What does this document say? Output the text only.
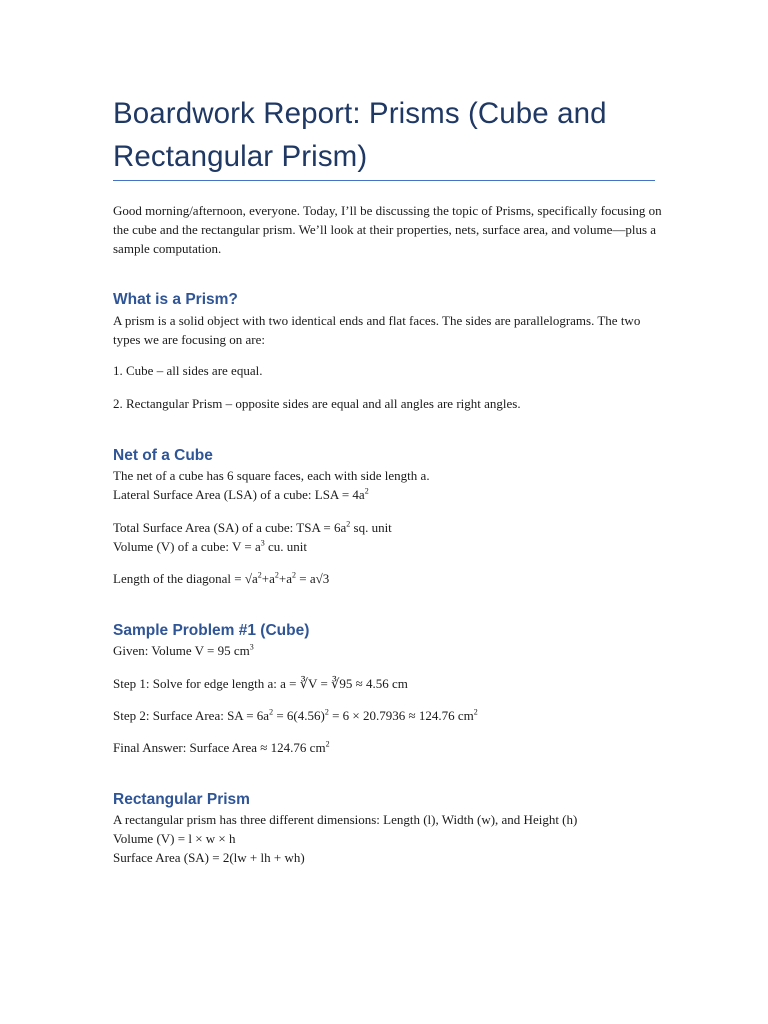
Boardwork Report: Prisms (Cube and Rectangular Prism)
Good morning/afternoon, everyone. Today, I’ll be discussing the topic of Prisms, specifically focusing on the cube and the rectangular prism. We’ll look at their properties, nets, surface area, and volume—plus a sample computation.
What is a Prism?
A prism is a solid object with two identical ends and flat faces. The sides are parallelograms. The two types we are focusing on are:
1. Cube – all sides are equal.
2. Rectangular Prism – opposite sides are equal and all angles are right angles.
Net of a Cube
The net of a cube has 6 square faces, each with side length a.
Lateral Surface Area (LSA) of a cube: LSA = $4a^2$
Total Surface Area (SA) of a cube: TSA = $6a^2$ sq. unit
Volume (V) of a cube: $V = a^3$ cu. unit
Length of the diagonal = $√a^2+a^2+a^2 = a√3$
Sample Problem #1 (Cube)
Given: Volume V = 95 $cm^3$
Step 1: Solve for edge length a: a = ∛V = ∛95 ≈ 4.56 cm
Step 2: Surface Area: SA = $6a^2 = 6(4.56)^2 = 6 \times 20.7936 \approx 124.76$ $cm^2$
Final Answer: Surface Area ≈ 124.76 $cm^2$
Rectangular Prism
A rectangular prism has three different dimensions: Length (l), Width (w), and Height (h)
Volume (V) = l × w × h
Surface Area (SA) = 2(lw + lh + wh)
